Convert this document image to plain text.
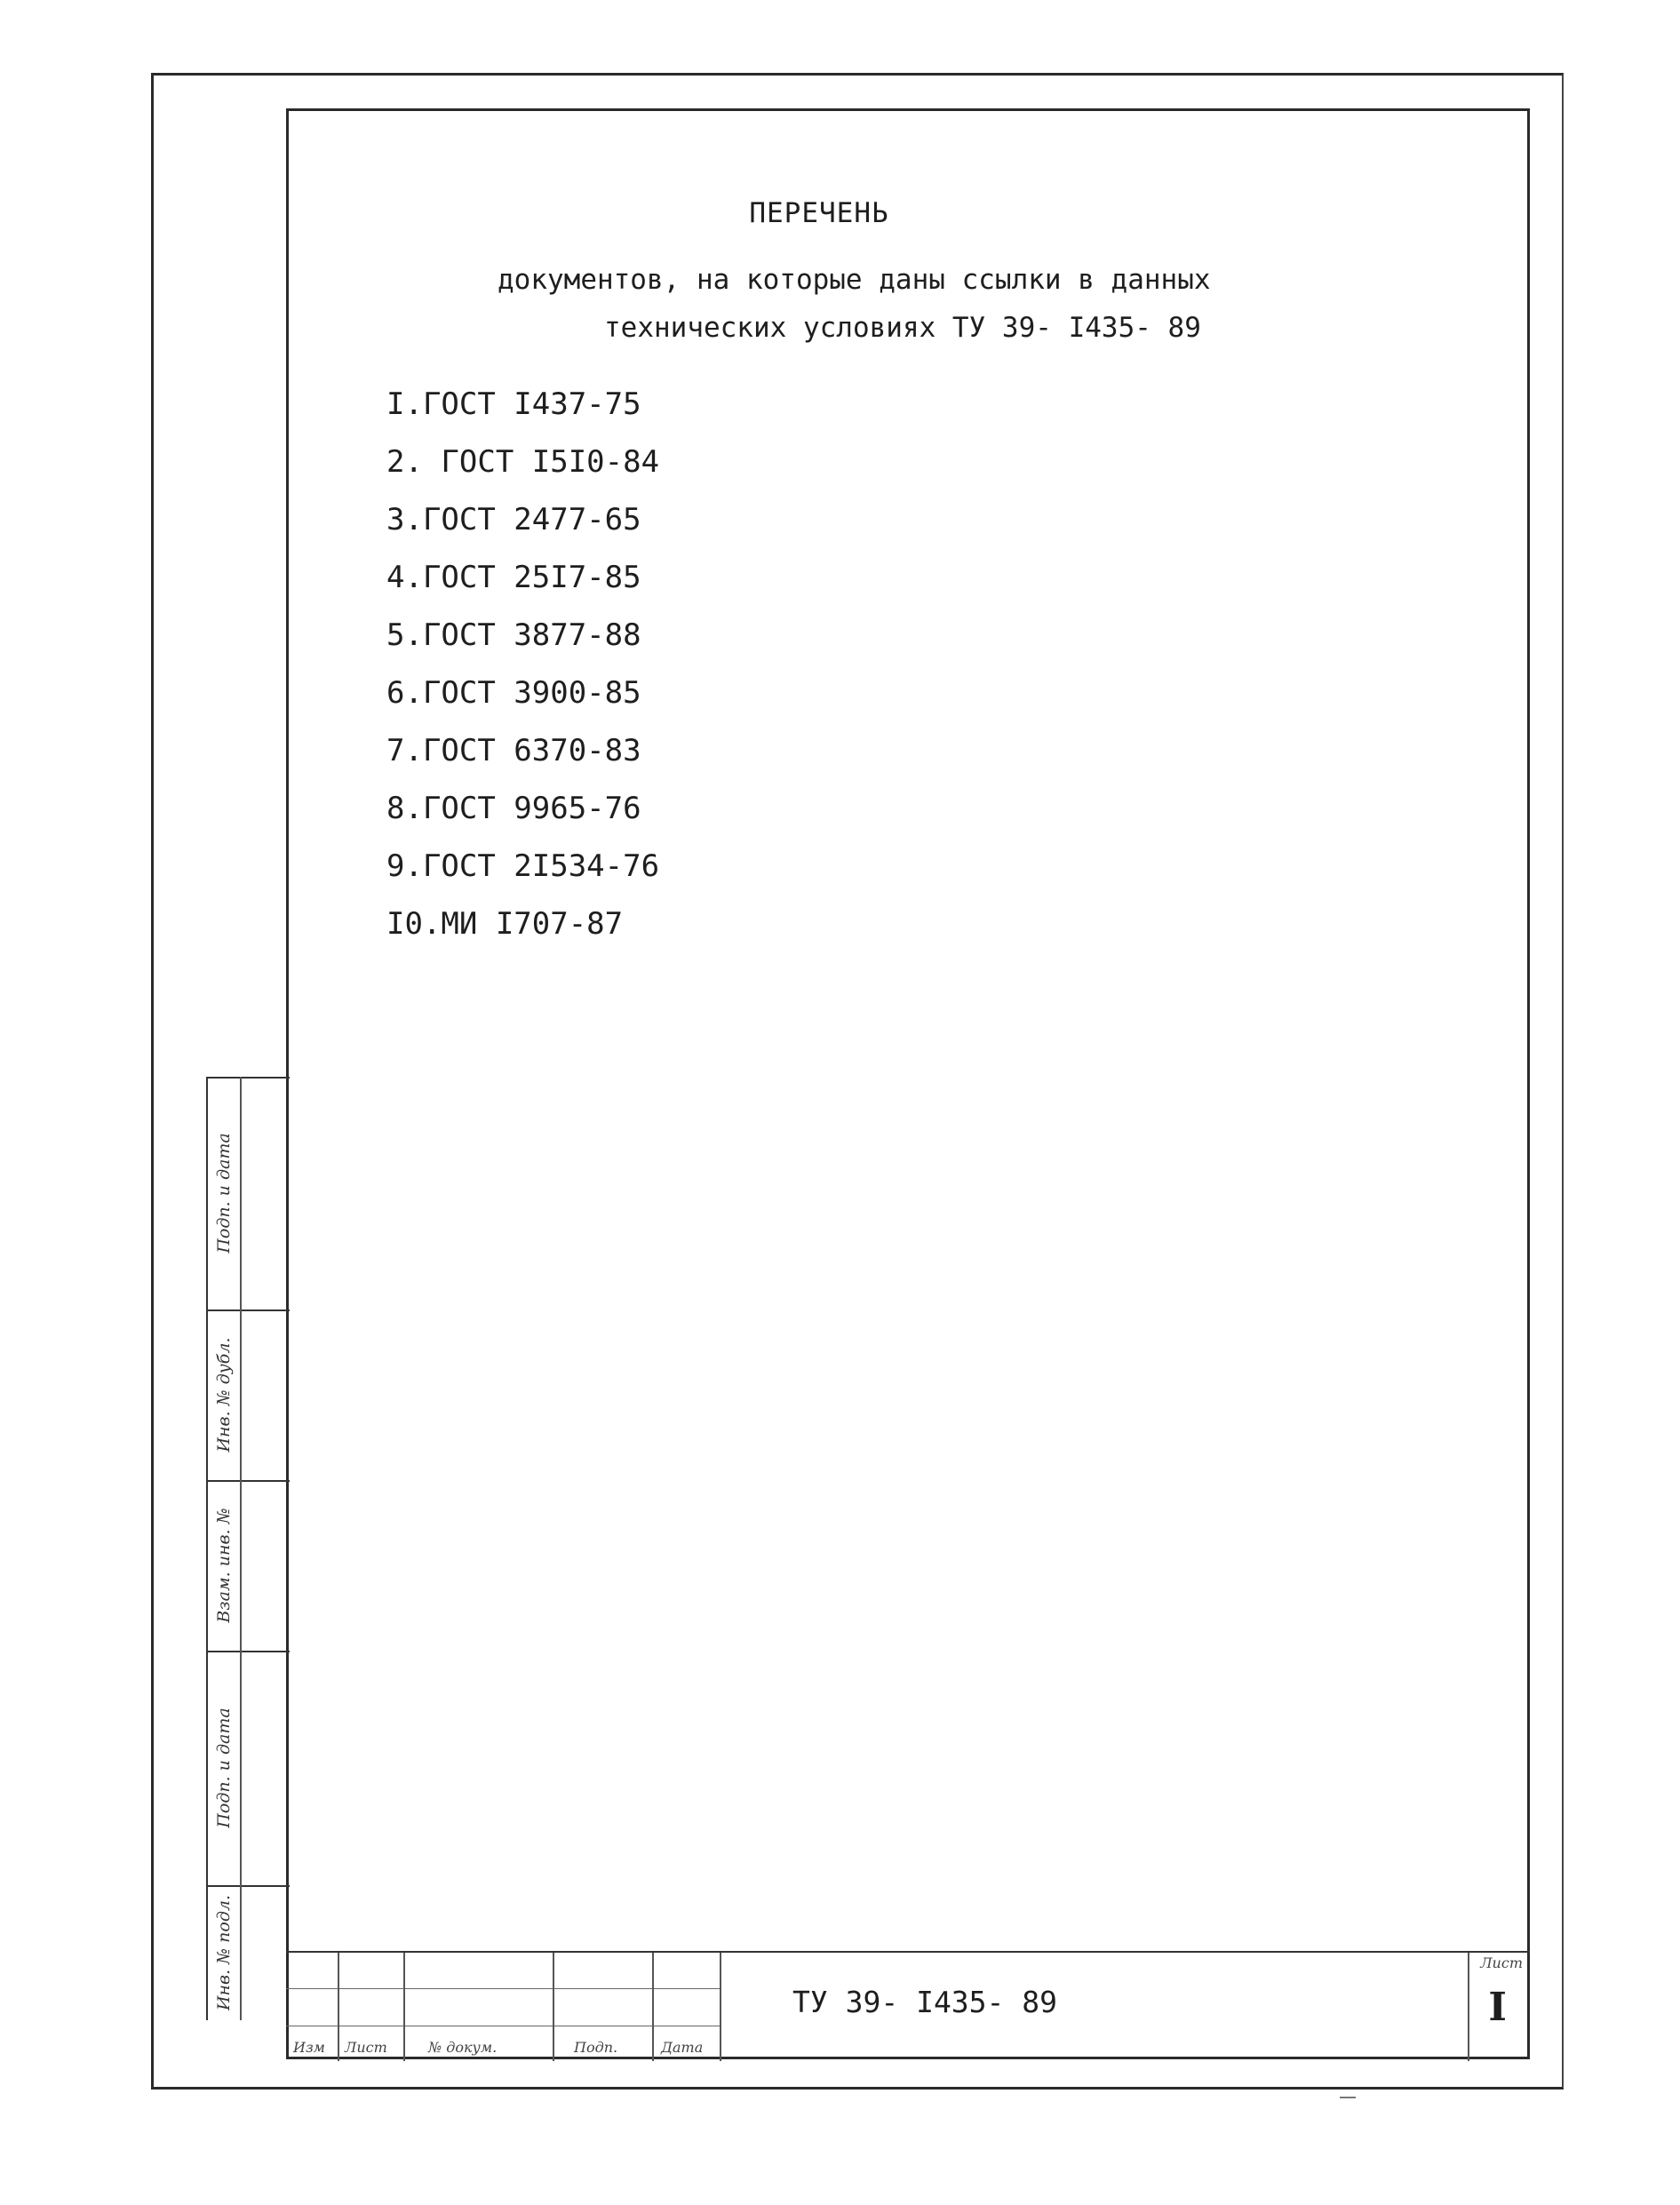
ПЕРЕЧЕНЬ
документов, на которые даны ссылки в данных
технических условиях ТУ 39- I435- 89
I.ГОСТ I437-75
2. ГОСТ I5I0-84
3.ГОСТ 2477-65
4.ГОСТ 25I7-85
5.ГОСТ 3877-88
6.ГОСТ 3900-85
7.ГОСТ 6370-83
8.ГОСТ 9965-76
9.ГОСТ 2I534-76
I0.МИ I707-87
Подп. и дата
Инв. № дубл.
Взам. инв. №
Подп. и дата
Инв. № подл.
Изм Лист	№ докум.	Подп.	Дата
ТУ 39- I435- 89
Лист
I
